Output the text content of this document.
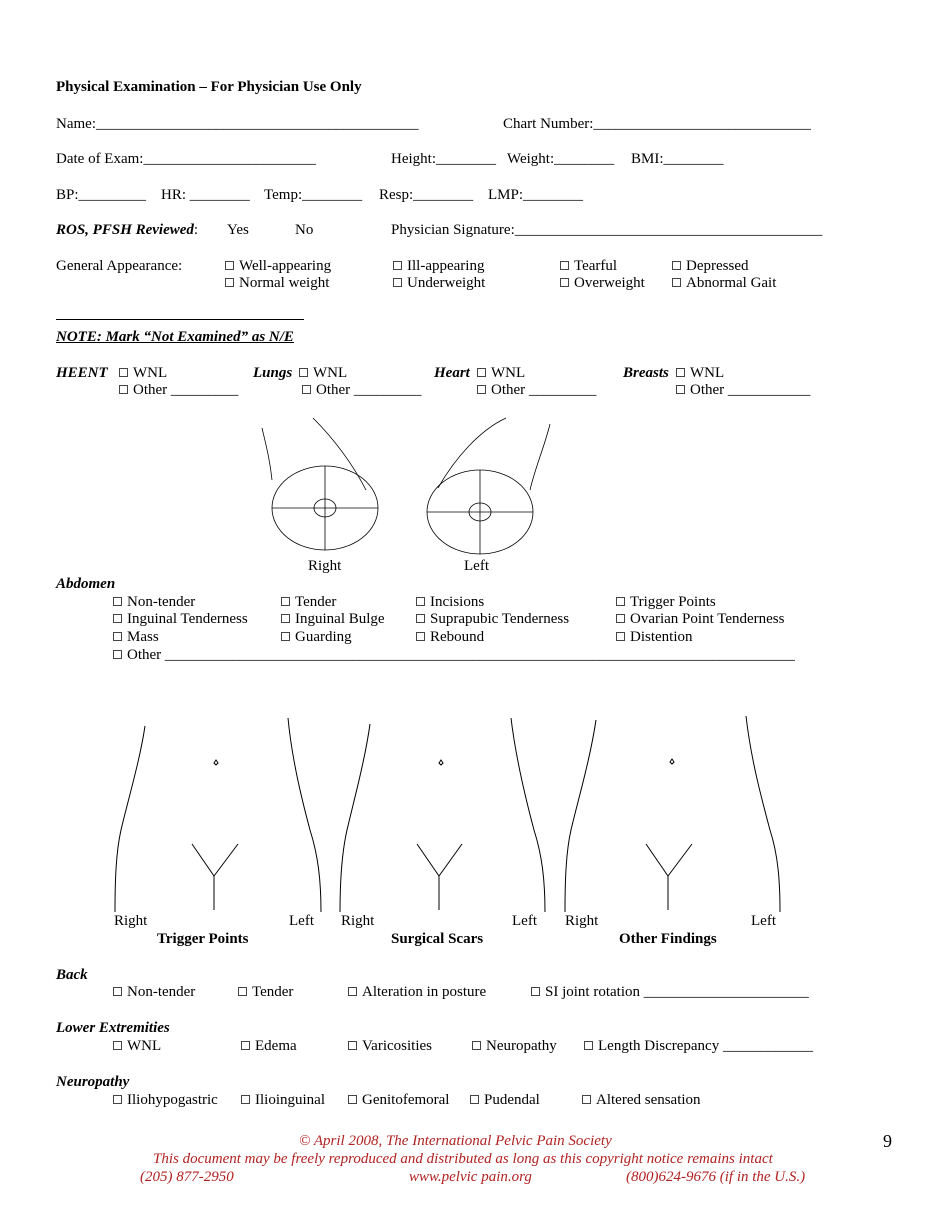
Physical Examination – For Physician Use Only
Name:___________________________________________	Chart Number:_____________________________
Date of Exam:_______________________	Height:________ Weight:________ BMI:________
BP:_________ HR: ________ Temp:________ Resp:________ LMP:________
ROS, PFSH Reviewed: Yes	No	Physician Signature:_________________________________________
General Appearance:	Well-appearing	Ill-appearing	Tearful	Depressed
Normal weight	Underweight	Overweight	Abnormal Gait
NOTE: Mark “Not Examined” as N/E
HEENT	WNL
Other _________
Lungs	WNL
Other _________
Heart	WNL
Other _________
Breasts	WNL
Other ___________
Right	Left
Abdomen
Non-tender	Tender	Incisions	Trigger Points
Inguinal Tenderness	Inguinal Bulge	Suprapubic Tenderness	Ovarian Point Tenderness
Mass	Guarding	Rebound	Distention
Other ____________________________________________________________________________________
Right	Left
Trigger Points
Right	Left
Surgical Scars
Right	Left
Other Findings
Back
Non-tender	Tender	Alteration in posture	SI joint rotation ______________________
Lower Extremities
WNL	Edema	Varicosities	Neuropathy	Length Discrepancy ____________
Neuropathy
Iliohypogastric	Ilioinguinal	Genitofemoral	Pudendal	Altered sensation
© April 2008, The International Pelvic Pain Society
This document may be freely reproduced and distributed as long as this copyright notice remains intact
(205) 877-2950	www.pelvic pain.org	(800)624-9676 (if in the U.S.)
9
